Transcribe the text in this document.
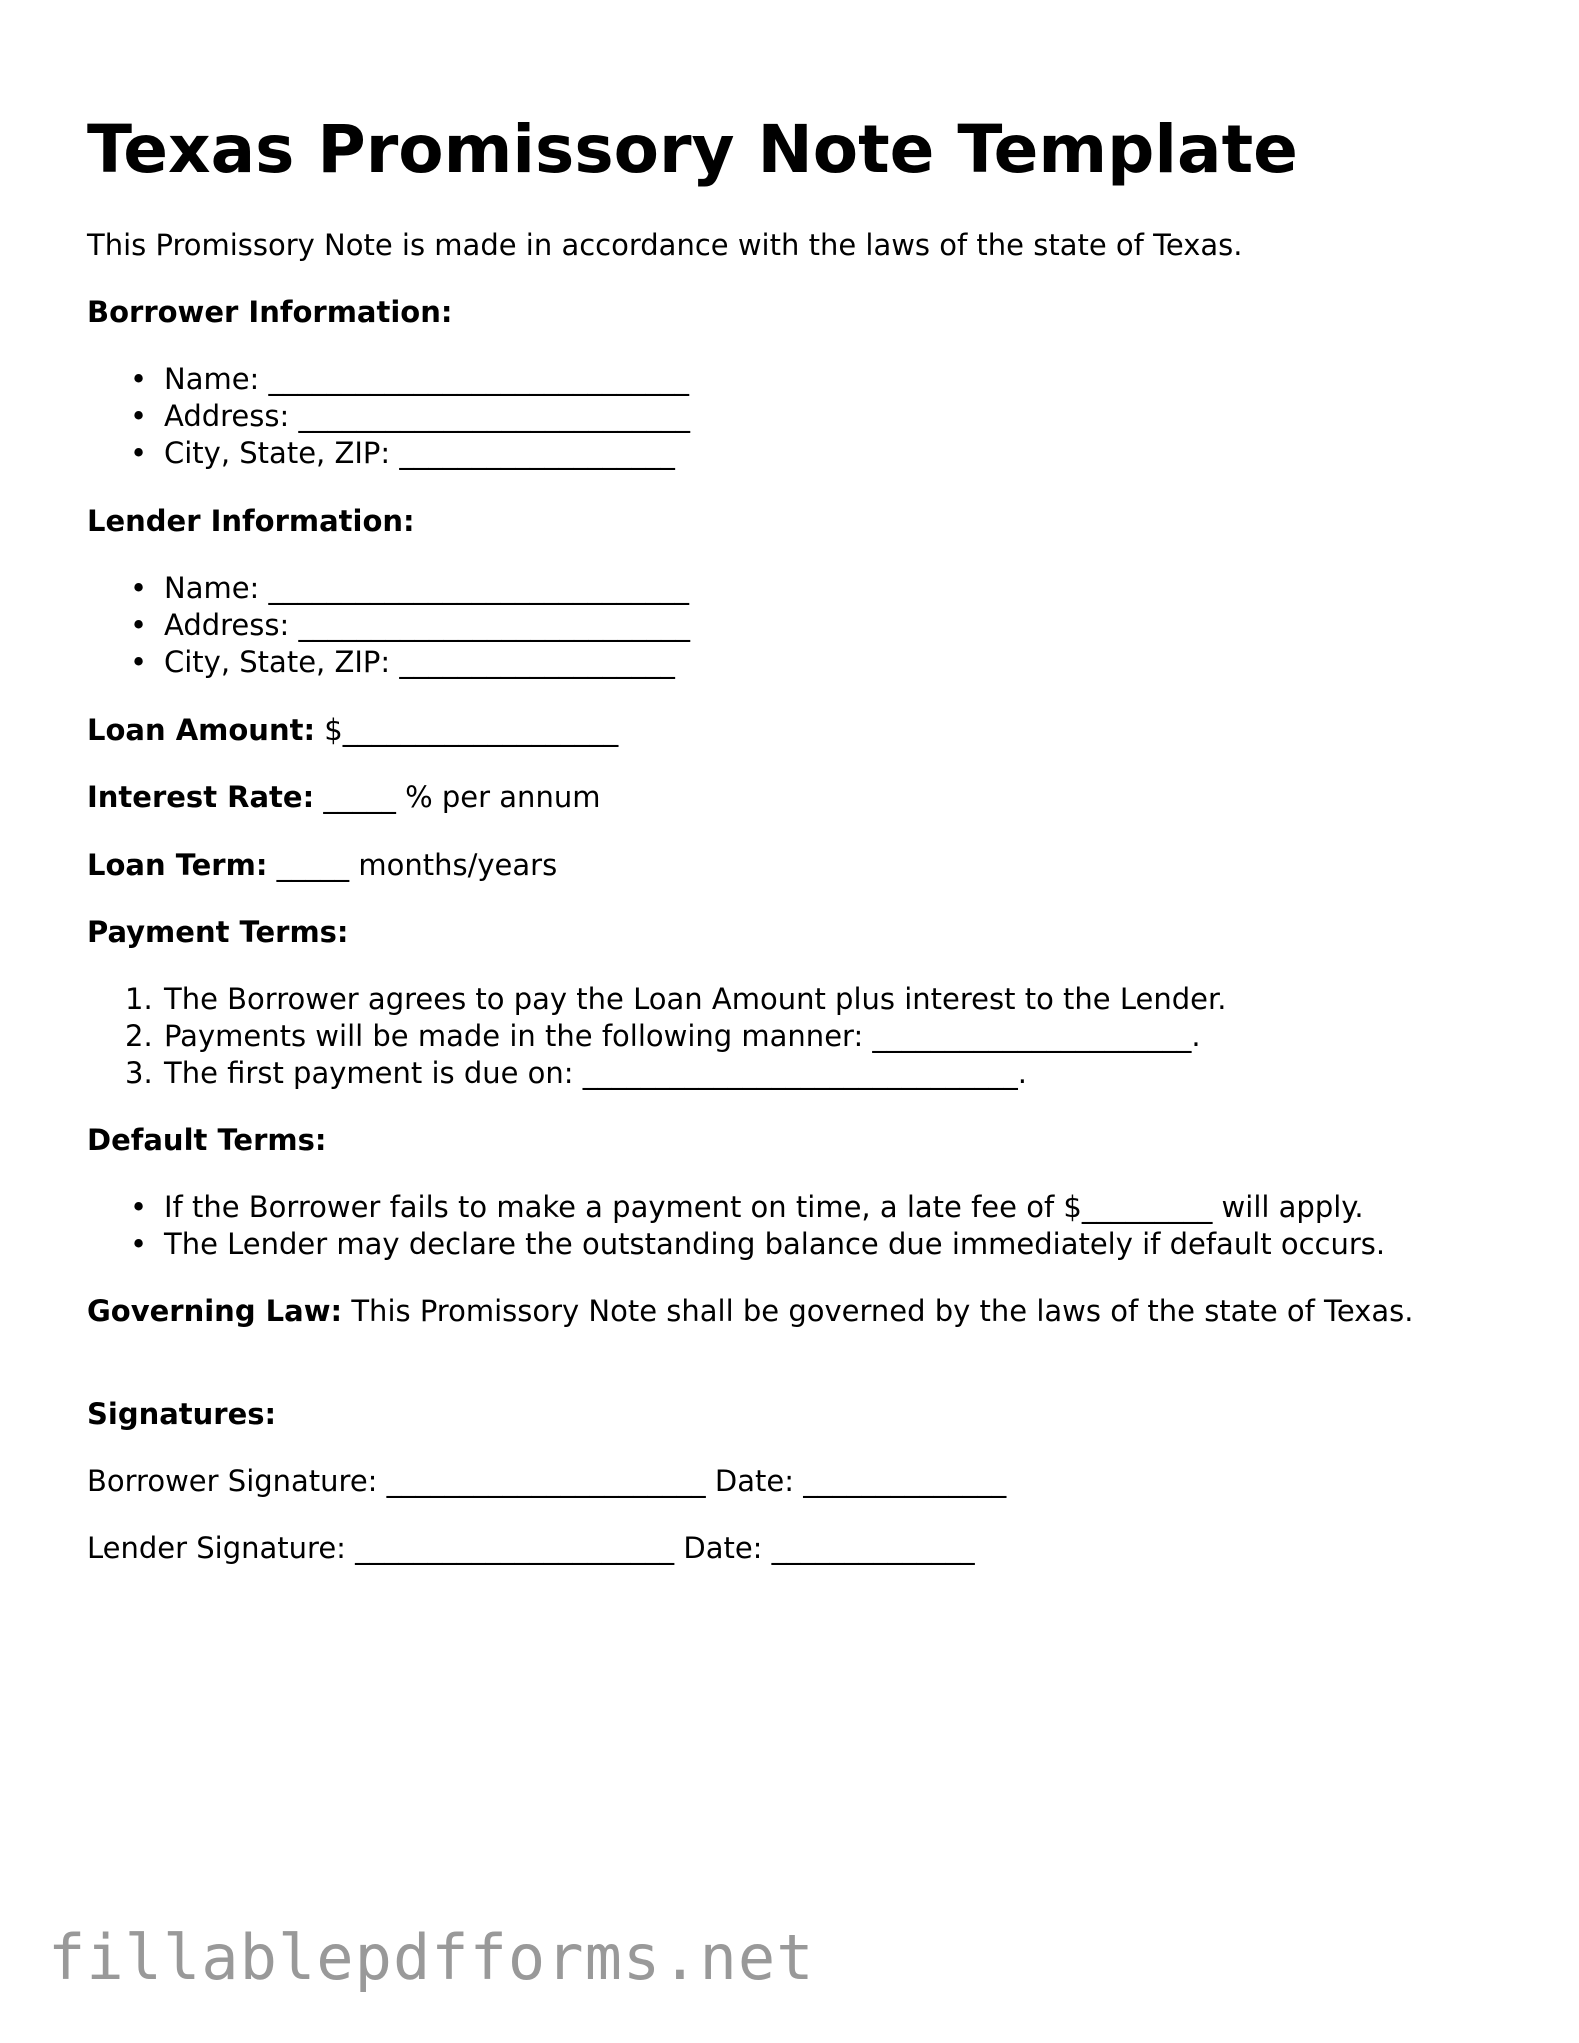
Texas Promissory Note Template

This Promissory Note is made in accordance with the laws of the state of Texas.

Borrower Information:

• Name: _____________________________
• Address: ___________________________
• City, State, ZIP: ___________________

Lender Information:

• Name: _____________________________
• Address: ___________________________
• City, State, ZIP: ___________________

Loan Amount: $___________________

Interest Rate: _____ % per annum

Loan Term: _____ months/years

Payment Terms:

1. The Borrower agrees to pay the Loan Amount plus interest to the Lender.
2. Payments will be made in the following manner: ______________________.
3. The first payment is due on: ______________________________.

Default Terms:

• If the Borrower fails to make a payment on time, a late fee of $_________ will apply.
• The Lender may declare the outstanding balance due immediately if default occurs.

Governing Law: This Promissory Note shall be governed by the laws of the state of Texas.

Signatures:

Borrower Signature: ______________________ Date: ______________

Lender Signature: ______________________ Date: ______________

fillablepdfforms.net
